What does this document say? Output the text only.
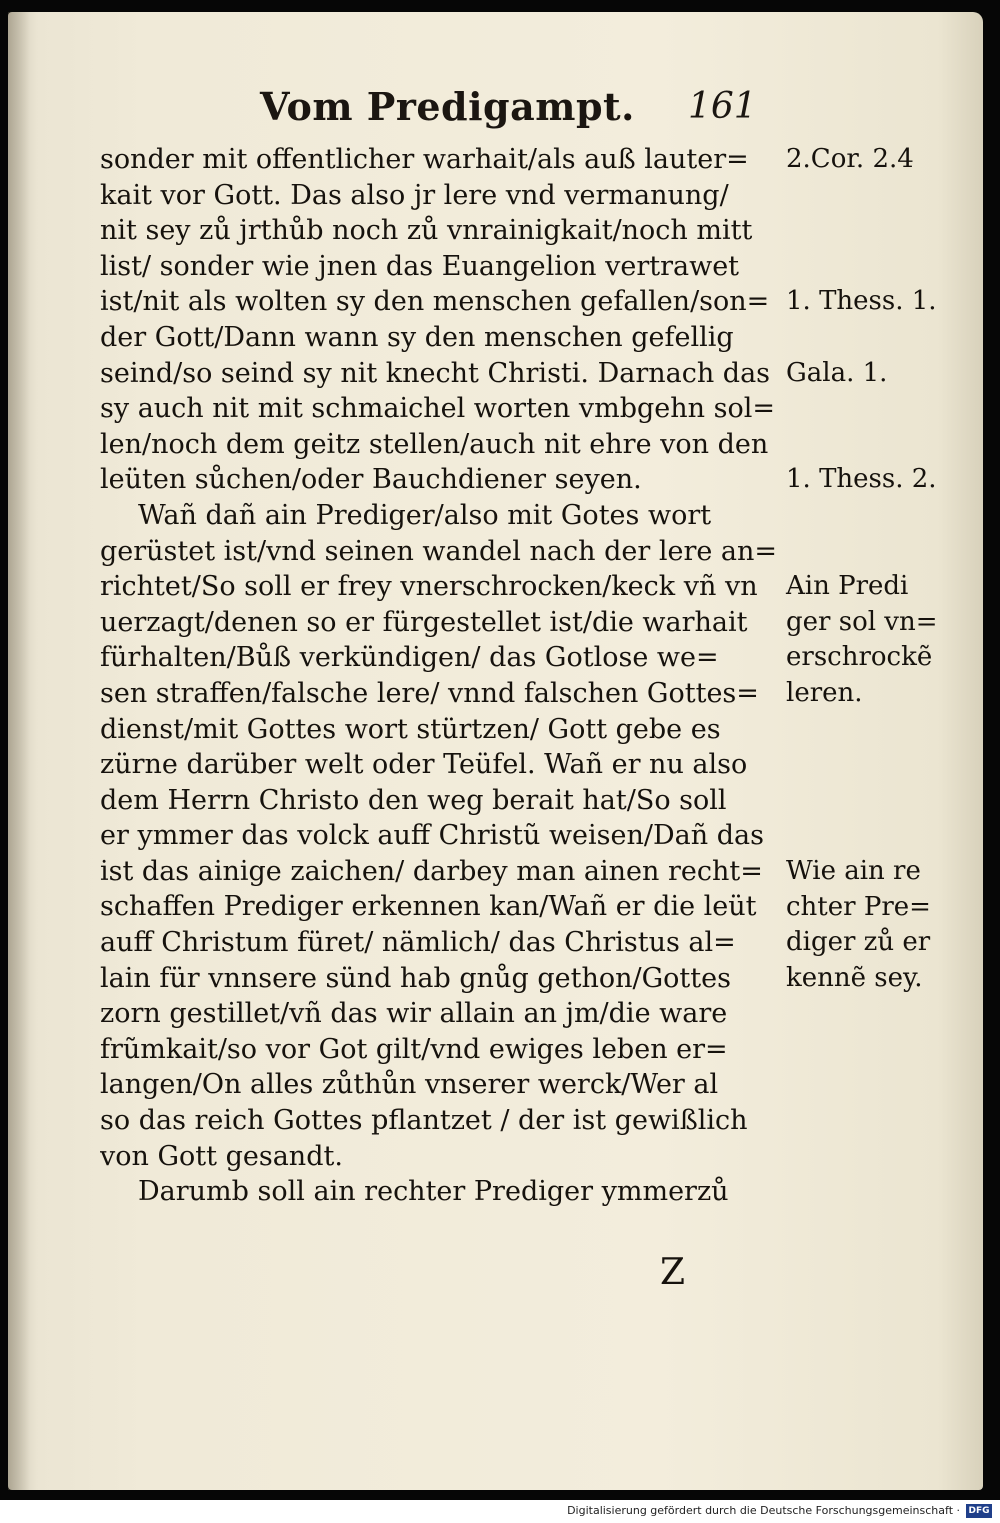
Vom Predigampt. 161
sonder mit offentlicher warhait/als auß lauter=
kait vor Gott. Das also jr lere vnd vermanung/
nit sey zů jrthůb noch zů vnrainigkait/noch mitt
list/ sonder wie jnen das Euangelion vertrawet
ist/nit als wolten sy den menschen gefallen/son=
der Gott/Dann wann sy den menschen gefellig
seind/so seind sy nit knecht Christi. Darnach das
sy auch nit mit schmaichel worten vmbgehn sol=
len/noch dem geitz stellen/auch nit ehre von den
leüten sůchen/oder Bauchdiener seyen.
Wañ dañ ain Prediger/also mit Gotes wort
gerüstet ist/vnd seinen wandel nach der lere an=
richtet/So soll er frey vnerschrocken/keck vñ vn
uerzagt/denen so er fürgestellet ist/die warhait
fürhalten/Bůß verkündigen/ das Gotlose we=
sen straffen/falsche lere/ vnnd falschen Gottes=
dienst/mit Gottes wort stürtzen/ Gott gebe es
zürne darüber welt oder Teüfel. Wañ er nu also
dem Herrn Christo den weg berait hat/So soll
er ymmer das volck auff Christũ weisen/Dañ das
ist das ainige zaichen/ darbey man ainen recht=
schaffen Prediger erkennen kan/Wañ er die leüt
auff Christum füret/ nämlich/ das Christus al=
lain für vnnsere sünd hab gnůg gethon/Gottes
zorn gestillet/vñ das wir allain an jm/die ware
frũmkait/so vor Got gilt/vnd ewiges leben er=
langen/On alles zůthůn vnserer werck/Wer al
so das reich Gottes pflantzet / der ist gewißlich
von Gott gesandt.
Darumb soll ain rechter Prediger ymmerzů
2.Cor. 2.4
1. Thess. 1.
Gala. 1.
1. Thess. 2.
Ain Predi
ger sol vn=
erschrockẽ
leren.
Wie ain re
chter Pre=
diger zů er
kennẽ sey.
Z
Digitalisierung gefördert durch die Deutsche Forschungsgemeinschaft · DFG
